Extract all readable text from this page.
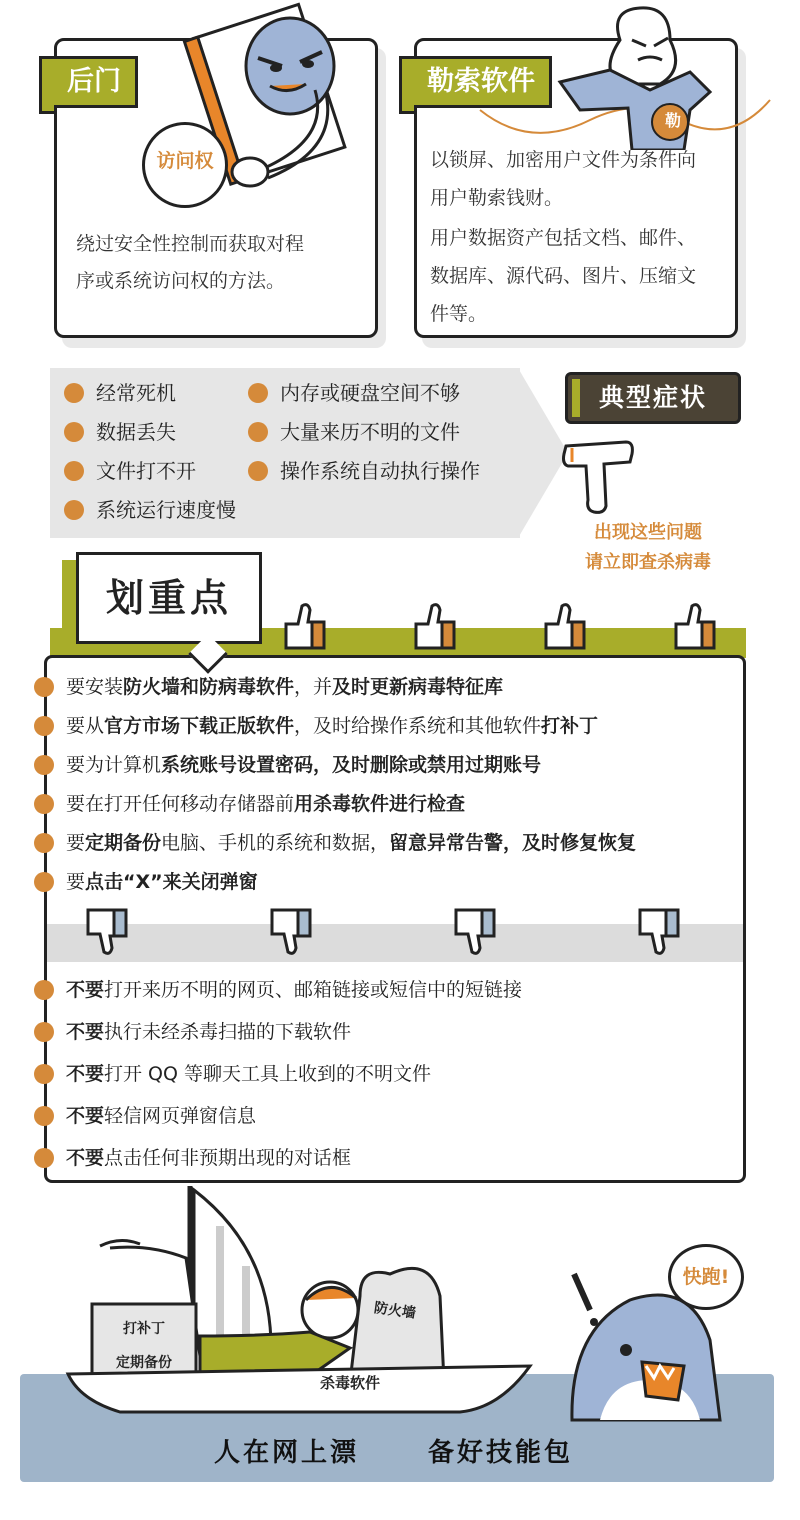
后门
访问权
绕过安全性控制而获取对程
序或系统访问权的方法。
勒索软件
勒
以锁屏、加密用户文件为条件向
用户勒索钱财。
用户数据资产包括文档、邮件、
数据库、源代码、图片、压缩文
件等。
经常死机
数据丢失
文件打不开
系统运行速度慢
内存或硬盘空间不够
大量来历不明的文件
操作系统自动执行操作
典型症状
出现这些问题
请立即查杀病毒
划重点
要安装防火墙和防病毒软件，并及时更新病毒特征库
要从官方市场下载正版软件，及时给操作系统和其他软件打补丁
要为计算机系统账号设置密码，及时删除或禁用过期账号
要在打开任何移动存储器前用杀毒软件进行检查
要定期备份电脑、手机的系统和数据，留意异常告警，及时修复恢复
要点击“X”来关闭弹窗
不要打开来历不明的网页、邮箱链接或短信中的短链接
不要执行未经杀毒扫描的下载软件
不要打开 QQ 等聊天工具上收到的不明文件
不要轻信网页弹窗信息
不要点击任何非预期出现的对话框
打补丁
定期备份
防火墙
杀毒软件
快跑!
人在网上漂	备好技能包
